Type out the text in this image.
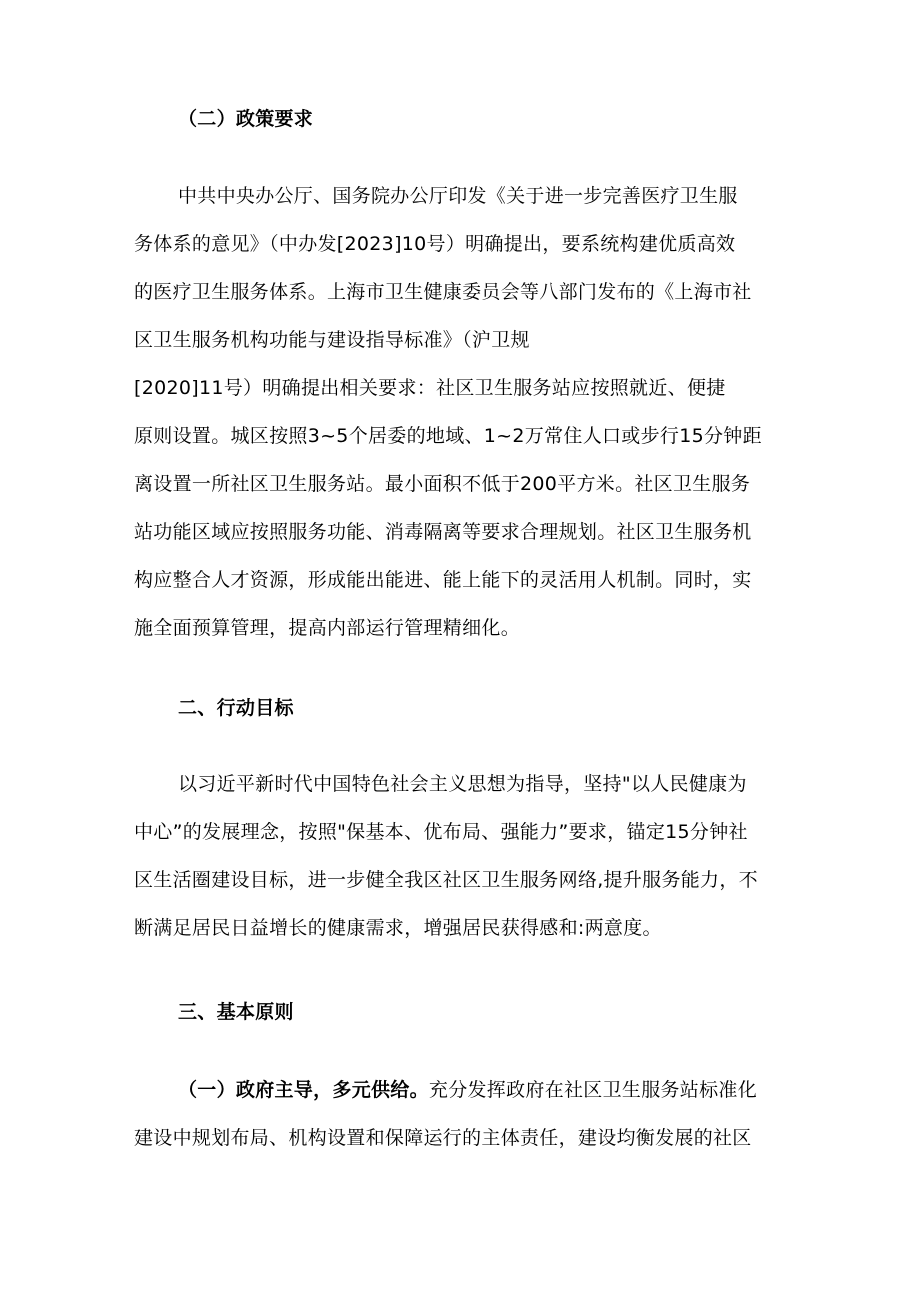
（二）政策要求
中共中央办公厅、国务院办公厅印发《关于进一步完善医疗卫生服
务体系的意见》（中办发[2023]10号）明确提出，要系统构建优质高效
的医疗卫生服务体系。上海市卫生健康委员会等八部门发布的《上海市社
区卫生服务机构功能与建设指导标准》（沪卫规
[2020]11号）明确提出相关要求：社区卫生服务站应按照就近、便捷
原则设置。城区按照3~5个居委的地域、1~2万常住人口或步行15分钟距
离设置一所社区卫生服务站。最小面积不低于200平方米。社区卫生服务
站功能区域应按照服务功能、消毒隔离等要求合理规划。社区卫生服务机
构应整合人才资源，形成能出能进、能上能下的灵活用人机制。同时，实
施全面预算管理，提高内部运行管理精细化。
二、行动目标
以习近平新时代中国特色社会主义思想为指导，坚持"以人民健康为
中心”的发展理念，按照"保基本、优布局、强能力”要求，锚定15分钟社
区生活圈建设目标，进一步健全我区社区卫生服务网络,提升服务能力，不
断满足居民日益增长的健康需求，增强居民获得感和:两意度。
三、基本原则
（一）政府主导，多元供给。充分发挥政府在社区卫生服务站标准化
建设中规划布局、机构设置和保障运行的主体责任，建设均衡发展的社区
